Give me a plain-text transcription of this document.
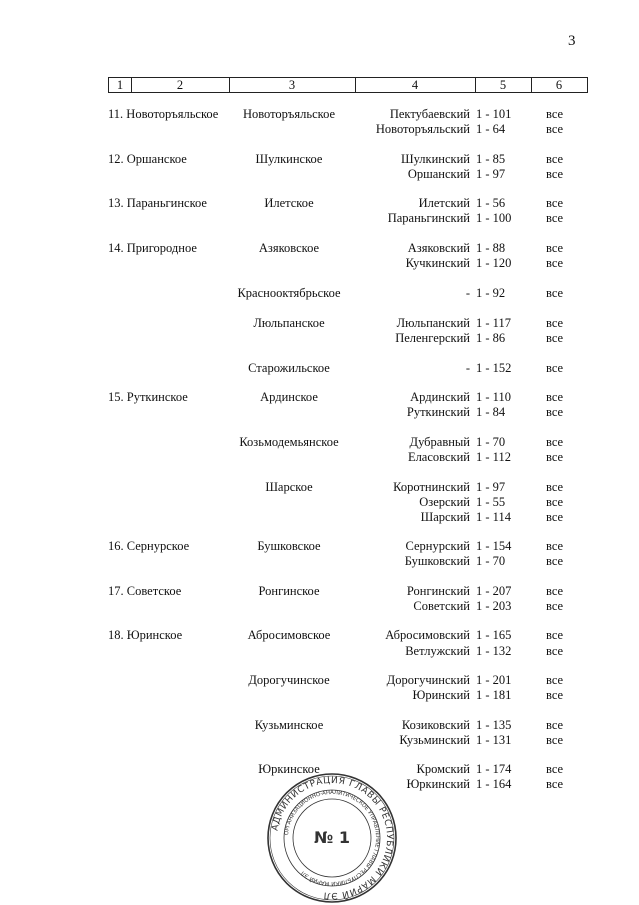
3
1	2	3	4	5	6
11. Новоторъяльское	Новоторъяльское	Пектубаевский 1 - 101	все
Новоторъяльский 1 - 64	все
12. Оршанское	Шулкинское	Шулкинский 1 - 85	все
Оршанский 1 - 97	все
13. Параньгинское	Илетское	Илетский 1 - 56	все
Параньгинский 1 - 100	все
14. Пригородное	Азяковское	Азяковский 1 - 88	все
Кучкинский 1 - 120	все
Краснооктябрьское	- 1 - 92	все
Люльпанское	Люльпанский 1 - 117	все
Пеленгерский 1 - 86	все
Старожильское	- 1 - 152	все
15. Руткинское	Ардинское	Ардинский 1 - 110	все
Руткинский 1 - 84	все
Козьмодемьянское	Дубравный 1 - 70	все
Еласовский 1 - 112	все
Шарское	Коротнинский 1 - 97	все
Озерский 1 - 55	все
Шарский 1 - 114	все
16. Сернурское	Бушковское	Сернурский 1 - 154	все
Бушковский 1 - 70	все
17. Советское	Ронгинское	Ронгинский 1 - 207	все
Советский 1 - 203	все
18. Юринское	Абросимовское	Абросимовский 1 - 165	все
Ветлужский 1 - 132	все
Дорогучинское	Дорогучинский 1 - 201	все
Юринский 1 - 181	все
Кузьминское	Козиковский 1 - 135	все
Кузьминский 1 - 131	все
Юркинское	Кромский 1 - 174	все
Юркинский 1 - 164	все
АДМИНИСТРАЦИЯ ГЛАВЫ РЕСПУБЛИКИ МАРИЙ ЭЛ
ОРГАНИЗАЦИОННО-АНАЛИТИЧЕСКОЕ УПРАВЛЕНИЕ ГЛАВЫ РЕСПУБЛИКИ МАРИЙ ЭЛ
№ 1
